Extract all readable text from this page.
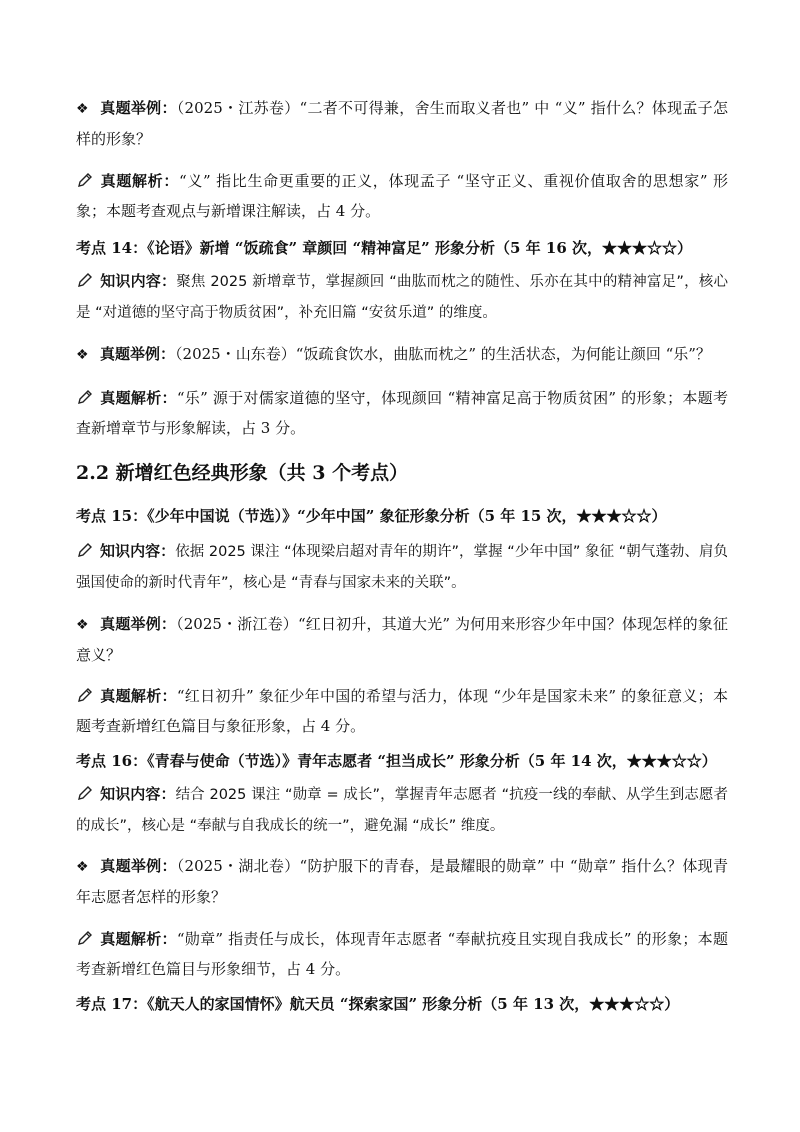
❖ 真题举例：（2025・江苏卷）“二者不可得兼，舍生而取义者也” 中 “义” 指什么？体现孟子怎样的形象？

真题解析：“义” 指比生命更重要的正义，体现孟子 “坚守正义、重视价值取舍的思想家” 形象；本题考查观点与新增课注解读，占 4 分。

考点 14：《论语》新增 “饭疏食” 章颜回 “精神富足” 形象分析（5 年 16 次，★★★☆☆）

知识内容：聚焦 2025 新增章节，掌握颜回 “曲肱而枕之的随性、乐亦在其中的精神富足”，核心是 “对道德的坚守高于物质贫困”，补充旧篇 “安贫乐道” 的维度。

❖ 真题举例：（2025・山东卷）“饭疏食饮水，曲肱而枕之” 的生活状态，为何能让颜回 “乐”？

真题解析：“乐” 源于对儒家道德的坚守，体现颜回 “精神富足高于物质贫困” 的形象；本题考查新增章节与形象解读，占 3 分。

2.2 新增红色经典形象（共 3 个考点）

考点 15：《少年中国说（节选）》“少年中国” 象征形象分析（5 年 15 次，★★★☆☆）

知识内容：依据 2025 课注 “体现梁启超对青年的期许”，掌握 “少年中国” 象征 “朝气蓬勃、肩负强国使命的新时代青年”，核心是 “青春与国家未来的关联”。

❖ 真题举例：（2025・浙江卷）“红日初升，其道大光” 为何用来形容少年中国？体现怎样的象征意义？

真题解析：“红日初升” 象征少年中国的希望与活力，体现 “少年是国家未来” 的象征意义；本题考查新增红色篇目与象征形象，占 4 分。

考点 16：《青春与使命（节选）》青年志愿者 “担当成长” 形象分析（5 年 14 次，★★★☆☆）

知识内容：结合 2025 课注 “勋章 = 成长”，掌握青年志愿者 “抗疫一线的奉献、从学生到志愿者的成长”，核心是 “奉献与自我成长的统一”，避免漏 “成长” 维度。

❖ 真题举例：（2025・湖北卷）“防护服下的青春，是最耀眼的勋章” 中 “勋章” 指什么？体现青年志愿者怎样的形象？

真题解析：“勋章” 指责任与成长，体现青年志愿者 “奉献抗疫且实现自我成长” 的形象；本题考查新增红色篇目与形象细节，占 4 分。

考点 17：《航天人的家国情怀》航天员 “探索家国” 形象分析（5 年 13 次，★★★☆☆）
